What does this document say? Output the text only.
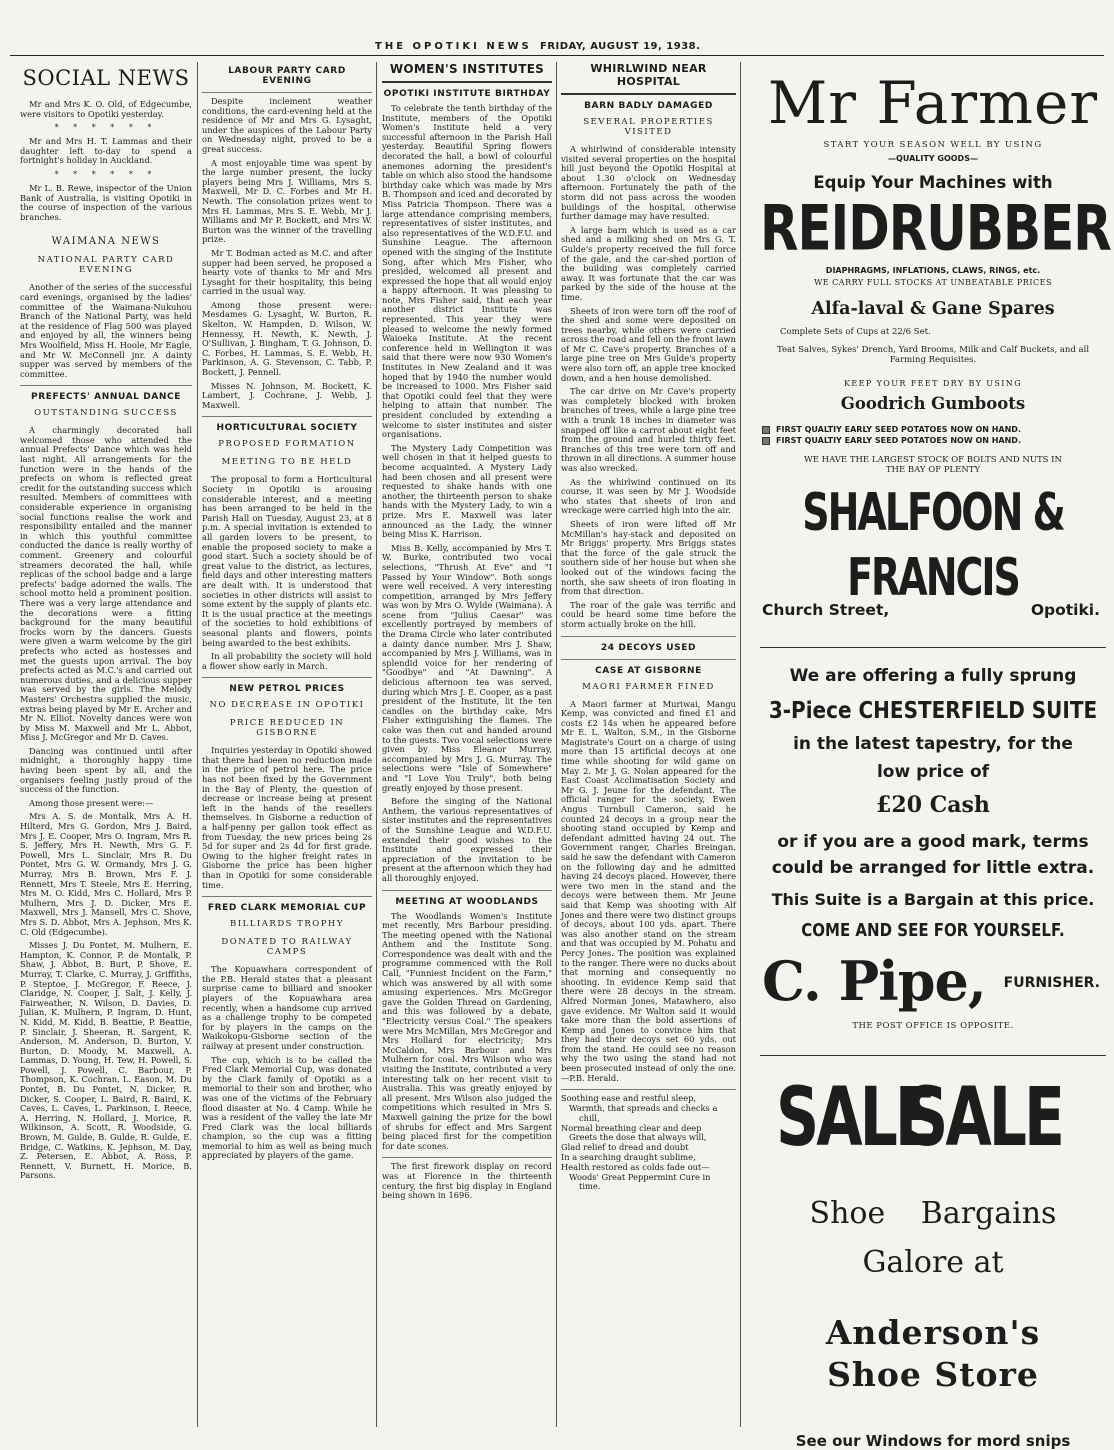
THE OPOTIKI NEWS FRIDAY, AUGUST 19, 1938.
SOCIAL NEWS

Mr and Mrs K. O. Old, of Edgecumbe, were visitors to Opotiki yesterday.

* * * * * *

Mr and Mrs H. T. Lammas and their daughter left to-day to spend a fortnight's holiday in Auckland.

* * * * * *

Mr L. B. Rewe, inspector of the Union Bank of Australia, is visiting Opotiki in the course of inspection of the various branches.

WAIMANA NEWS
NATIONAL PARTY CARD EVENING

Another of the series of the successful card evenings, organised by the ladies' committee of the Waimana-Nukuhou Branch of the National Party, was held at the residence of Flag 500 was played and enjoyed by all, the winners being Mrs Woolfield, Miss H. Hoole, Mr Eagle, and Mr W. McConnell jnr. A dainty supper was served by members of the committee.

PREFECTS' ANNUAL DANCE
OUTSTANDING SUCCESS

A charmingly decorated hall welcomed those who attended the annual Prefects' Dance which was held last night. All arrangements for the function were in the hands of the prefects on whom is reflected great credit for the outstanding success which resulted. Members of committees with considerable experience in organising social functions realise the work and responsibility entailed and the manner in which this youthful committee conducted the dance is really worthy of comment. Greenery and colourful streamers decorated the hall, while replicas of the school badge and a large prefects' badge adorned the walls. The school motto held a prominent position. There was a very large attendance and the decorations were a fitting background for the many beautiful frocks worn by the dancers. Guests were given a warm welcome by the girl prefects who acted as hostesses and met the guests upon arrival. The boy prefects acted as M.C.'s and carried out numerous duties, and a delicious supper was served by the girls. The Melody Masters' Orchestra supplied the music, extras being played by Mr E. Archer and Mr N. Elliot. Novelty dances were won by Miss M. Maxwell and Mr L. Abbot, Miss J. McGregor and Mr D. Caves.

Dancing was continued until after midnight, a thoroughly happy time having been spent by all, and the organisers feeling justly proud of the success of the function.

Among those present were:—

Mrs A. S. de Montalk, Mrs A. H. Hilterd, Mrs G. Gordon, Mrs J. Baird, Mrs J. E. Cooper, Mrs O. Ingram, Mrs R. S. Jeffery, Mrs H. Newth, Mrs G. F. Powell, Mrs L. Sinclair, Mrs R. Du Pontet, Mrs G. W. Ormandy, Mrs J. G. Murray, Mrs B. Brown, Mrs F. J. Rennett, Mrs T. Steele, Mrs E. Herring, Mrs M. O. Kidd, Mrs C. Hollard, Mrs P. Mulhern, Mrs J. D. Dicker, Mrs E. Maxwell, Mrs J. Mansell, Mrs C. Shove, Mrs S. D. Abbot, Mrs A. Jephson, Mrs K. C. Old (Edgecumbe).

Misses J. Du Pontet, M. Mulhern, E. Hampton, K. Connor, P. de Montalk, P. Shaw, J. Abbot, B. Burt, P. Shove, E. Murray, T. Clarke, C. Murray, J. Griffiths, P. Steptoe, J. McGregor, F. Reece, J. Claridge, N. Cooper, J. Salt, J. Kelly, J. Fairweather, N. Wilson, D. Davies, D. Julian, K. Mulhern, P. Ingram, D. Hunt, N. Kidd, M. Kidd, B. Beattie, P. Beattie, P. Sinclair, J. Sheeran, R. Sargent, K. Anderson, M. Anderson, D. Burton, V. Burton, D. Moody, M. Maxwell, A. Lammas, D. Young, H. Tew, H. Powell, S. Powell, J. Powell, C. Barbour, P. Thompson, K. Cochran, L. Eason, M. Du Pontet, B. Du Pontet, N. Dicker, R. Dicker, S. Cooper, L. Baird, R. Baird, K. Caves, L. Caves, L. Parkinson, I. Reece, A. Herring, N. Hollard, J. Morice, R. Wilkinson, A. Scott, R. Woodside, G. Brown, M. Gulde, B. Gulde, R. Gulde, E. Bridge, C. Watkins, K. Jephson, M. Day, Z. Petersen, E. Abbot, A. Ross, P. Rennett, V. Burnett, H. Morice, B. Parsons.

LABOUR PARTY CARD EVENING

Despite inclement weather conditions, the card-evening held at the residence of Mr and Mrs G. Lysaght, under the auspices of the Labour Party on Wednesday night, proved to be a great success.

A most enjoyable time was spent by the large number present, the lucky players being Mrs J. Williams, Mrs S. Maxwell, Mr D. C. Forbes and Mr H. Newth. The consolation prizes went to Mrs H. Lammas, Mrs S. E. Webb, Mr J. Williams and Mr P. Bockett, and Mrs W. Burton was the winner of the travelling prize.

Mr T. Bodman acted as M.C. and after supper had been served, he proposed a hearty vote of thanks to Mr and Mrs Lysaght for their hospitality, this being carried in the usual way.

Among those present were: Mesdames G. Lysaght, W. Burton, R. Skelton, W. Hampden, D. Wilson, W. Hennessy, H. Newth, K. Newth, J. O'Sullivan, J. Bingham, T. G. Johnson, D. C. Forbes, H. Lammas, S. E. Webb, H. Parkinson, A. G. Stevenson, C. Tabb, P. Bockett, J. Pennell.

Misses N. Johnson, M. Bockett, K. Lambert, J. Cochrane, J. Webb, J. Maxwell.

HORTICULTURAL SOCIETY
PROPOSED FORMATION
MEETING TO BE HELD

The proposal to form a Horticultural Society in Opotiki is arousing considerable interest, and a meeting has been arranged to be held in the Parish Hall on Tuesday, August 23, at 8 p.m. A special invitation is extended to all garden lovers to be present, to enable the proposed society to make a good start. Such a society should be of great value to the district, as lectures, field days and other interesting matters are dealt with. It is understood that societies in other districts will assist to some extent by the supply of plants etc. It is the usual practice at the meetings of the societies to hold exhibitions of seasonal plants and flowers, points being awarded to the best exhibits.

In all probability the society will hold a flower show early in March.

NEW PETROL PRICES
NO DECREASE IN OPOTIKI
PRICE REDUCED IN GISBORNE

Inquiries yesterday in Opotiki showed that there had been no reduction made in the price of petrol here. The price has not been fixed by the Government in the Bay of Plenty, the question of decrease or increase being at present left in the hands of the resellers themselves. In Gisborne a reduction of a half-penny per gallon took effect as from Tuesday, the new prices being 2s 5d for super and 2s 4d for first grade. Owing to the higher freight rates in Gisborne the price has been higher than in Opotiki for some considerable time.

FRED CLARK MEMORIAL CUP
BILLIARDS TROPHY
DONATED TO RAILWAY CAMPS

The Kopuawhara correspondent of the P.B. Herald states that a pleasant surprise came to billiard and snooker players of the Kopuawhara area recently, when a handsome cup arrived as a challenge trophy to be competed for by players in the camps on the Waikokopu-Gisborne section of the railway at present under construction.

The cup, which is to be called the Fred Clark Memorial Cup, was donated by the Clark family of Opotiki as a memorial to their son and brother, who was one of the victims of the February flood disaster at No. 4 Camp. While he was a resident of the valley the late Mr Fred Clark was the local billiards champion, so the cup was a fitting memorial to him as well as being much appreciated by players of the game.

WOMEN'S INSTITUTES
OPOTIKI INSTITUTE BIRTHDAY

To celebrate the tenth birthday of the Institute, members of the Opotiki Women's Institute held a very successful afternoon in the Parish Hall yesterday. Beautiful Spring flowers decorated the hall, a bowl of colourful anemones adorning the president's table on which also stood the handsome birthday cake which was made by Mrs B. Thompson and iced and decorated by Miss Patricia Thompson. There was a large attendance comprising members, representatives of sister institutes, and also representatives of the W.D.F.U. and Sunshine League. The afternoon opened with the singing of the Institute Song, after which Mrs Fisher, who presided, welcomed all present and expressed the hope that all would enjoy a happy afternoon. It was pleasing to note, Mrs Fisher said, that each year another district Institute was represented. This year they were pleased to welcome the newly formed Waioeka Institute. At the recent conference held in Wellington it was said that there were now 930 Women's Institutes in New Zealand and it was hoped that by 1940 the number would be increased to 1000. Mrs Fisher said that Opotiki could feel that they were helping to attain that number. The president concluded by extending a welcome to sister institutes and sister organisations.

The Mystery Lady Competition was well chosen in that it helped guests to become acquainted. A Mystery Lady had been chosen and all present were requested to shake hands with one another, the thirteenth person to shake hands with the Mystery Lady, to win a prize. Mrs E. Maxwell was later announced as the Lady, the winner being Miss K. Harrison.

Miss B. Kelly, accompanied by Mrs T. W. Burke, contributed two vocal selections, "Thrush At Eve" and "I Passed by Your Window". Both songs were well received. A very interesting competition, arranged by Mrs Jeffery was won by Mrs O. Wylde (Waimana). A scene from "Julius Caesar" was excellently portrayed by members of the Drama Circle who later contributed a dainty dance number. Mrs J. Shaw, accompanied by Mrs J. Williams, was in splendid voice for her rendering of "Goodbye" and "At Dawning". A delicious afternoon tea was served, during which Mrs J. E. Cooper, as a past president of the Institute, lit the ten candles on the birthday cake, Mrs Fisher extinguishing the flames. The cake was then cut and handed around to the guests. Two vocal selections were given by Miss Eleanor Murray, accompanied by Mrs J. G. Murray. The selections were "Isle of Somewhere" and "I Love You Truly", both being greatly enjoyed by those present.

Before the singing of the National Anthem, the various representatives of sister institutes and the representatives of the Sunshine League and W.D.F.U. extended their good wishes to the Institute and expressed their appreciation of the invitation to be present at the afternoon which they had all thoroughly enjoyed.

MEETING AT WOODLANDS

The Woodlands Women's Institute met recently, Mrs Barbour presiding. The meeting opened with the National Anthem and the Institute Song. Correspondence was dealt with and the programme commenced with the Roll Call, "Funniest Incident on the Farm," which was answered by all with some amusing experiences. Mrs McGregor gave the Golden Thread on Gardening, and this was followed by a debate, "Electricity versus Coal." The speakers were Mrs McMillan, Mrs McGregor and Mrs Hollard for electricity; Mrs McCaldon, Mrs Barbour and Mrs Mulhern for coal. Mrs Wilson who was visiting the Institute, contributed a very interesting talk on her recent visit to Australia. This was greatly enjoyed by all present. Mrs Wilson also judged the competitions which resulted in Mrs S. Maxwell gaining the prize for the bowl of shrubs for effect and Mrs Sargent being placed first for the competition for date scones.

The first firework display on record was at Florence in the thirteenth century, the first big display in England being shown in 1696.

WHIRLWIND NEAR HOSPITAL
BARN BADLY DAMAGED
SEVERAL PROPERTIES VISITED

A whirlwind of considerable intensity visited several properties on the hospital hill just beyond the Opotiki Hospital at about 1.30 o'clock on Wednesday afternoon. Fortunately the path of the storm did not pass across the wooden buildings of the hospital, otherwise further damage may have resulted.

A large barn which is used as a car shed and a milking shed on Mrs G. T. Gulde's property received the full force of the gale, and the car-shed portion of the building was completely carried away. It was fortunate that the car was parked by the side of the house at the time.

Sheets of iron were torn off the roof of the shed and some were deposited on trees nearby, while others were carried across the road and fell on the front lawn of Mr C. Cave's property. Branches of a large pine tree on Mrs Gulde's property were also torn off, an apple tree knocked down, and a hen house demolished.

The car drive on Mr Cave's property was completely blocked with broken branches of trees, while a large pine tree with a trunk 18 inches in diameter was snapped off like a carrot about eight feet from the ground and hurled thirty feet. Branches of this tree were torn off and thrown in all directions. A summer house was also wrecked.

As the whirlwind continued on its course, it was seen by Mr J. Woodside who states that sheets of iron and wreckage were carried high into the air.

Sheets of iron were lifted off Mr McMillan's hay-stack and deposited on Mr Briggs' property. Mrs Briggs states that the force of the gale struck the southern side of her house but when she looked out of the windows facing the north, she saw sheets of iron floating in from that direction.

The roar of the gale was terrific and could be heard some time before the storm actually broke on the hill.

24 DECOYS USED
CASE AT GISBORNE
MAORI FARMER FINED

A Maori farmer at Muriwai, Mangu Kemp, was convicted and fined £1 and costs £2 14s when he appeared before Mr E. L. Walton, S.M., in the Gisborne Magistrate's Court on a charge of using more than 15 artificial decoys at one time while shooting for wild game on May 2. Mr J. G. Nolan appeared for the East Coast Acclimatisation Society and Mr G. J. Jeune for the defendant. The official ranger for the society, Ewen Angus Turnbull Cameron, said he counted 24 decoys in a group near the shooting stand occupied by Kemp and defendant admitted having 24 out. The Government ranger, Charles Breingan, said he saw the defendant with Cameron on the following day and he admitted having 24 decoys placed. However, there were two men in the stand and the decoys were between them. Mr Jeune said that Kemp was shooting with Alf Jones and there were two distinct groups of decoys, about 100 yds. apart. There was also another stand on the stream and that was occupied by M. Pohatu and Percy Jones. The position was explained to the ranger. There were no ducks about that morning and consequently no shooting. In evidence Kemp said that there were 28 decoys in the stream. Alfred Norman Jones, Matawhero, also gave evidence. Mr Walton said it would take more than the bold assertions of Kemp and Jones to convince him that they had their decoys set 60 yds. out from the stand. He could see no reason why the two using the stand had not been prosecuted instead of only the one.—P.B. Herald.

Soothing ease and restful sleep,

Warmth, that spreads and checks a

chill,

Normal breathing clear and deep

Greets the dose that always will,

Glad relief to dread and doubt

In a searching draught sublime,

Health restored as colds fade out—

Woods' Great Peppermint Cure in

time.

Mr Farmer
START YOUR SEASON WELL BY USING
—QUALITY GOODS—
Equip Your Machines with
REIDRUBBER
DIAPHRAGMS, INFLATIONS, CLAWS, RINGS, etc.
WE CARRY FULL STOCKS AT UNBEATABLE PRICES
Alfa-laval & Gane Spares
Complete Sets of Cups at 22/6 Set.
Teat Salves, Sykes' Drench, Yard Brooms, Milk and Calf Buckets, and all Farming Requisites.
KEEP YOUR FEET DRY BY USING
Goodrich Gumboots
FIRST QUALTIY EARLY SEED POTATOES NOW ON HAND.
FIRST QUALTIY EARLY SEED POTATOES NOW ON HAND.
WE HAVE THE LARGEST STOCK OF BOLTS AND NUTS IN THE BAY OF PLENTY
SHALFOON & FRANCIS
Church Street,	Opotiki.
We are offering a fully sprung
3-Piece CHESTERFIELD SUITE
in the latest tapestry, for the
low price of
£20 Cash
or if you are a good mark, terms
could be arranged for little extra.
This Suite is a Bargain at this price.
COME AND SEE FOR YOURSELF.
C. Pipe, FURNISHER.
THE POST OFFICE IS OPPOSITE.
SALE
SALE
Shoe Bargains
Galore at
Anderson's
Shoe Store
See our Windows for mord snips
